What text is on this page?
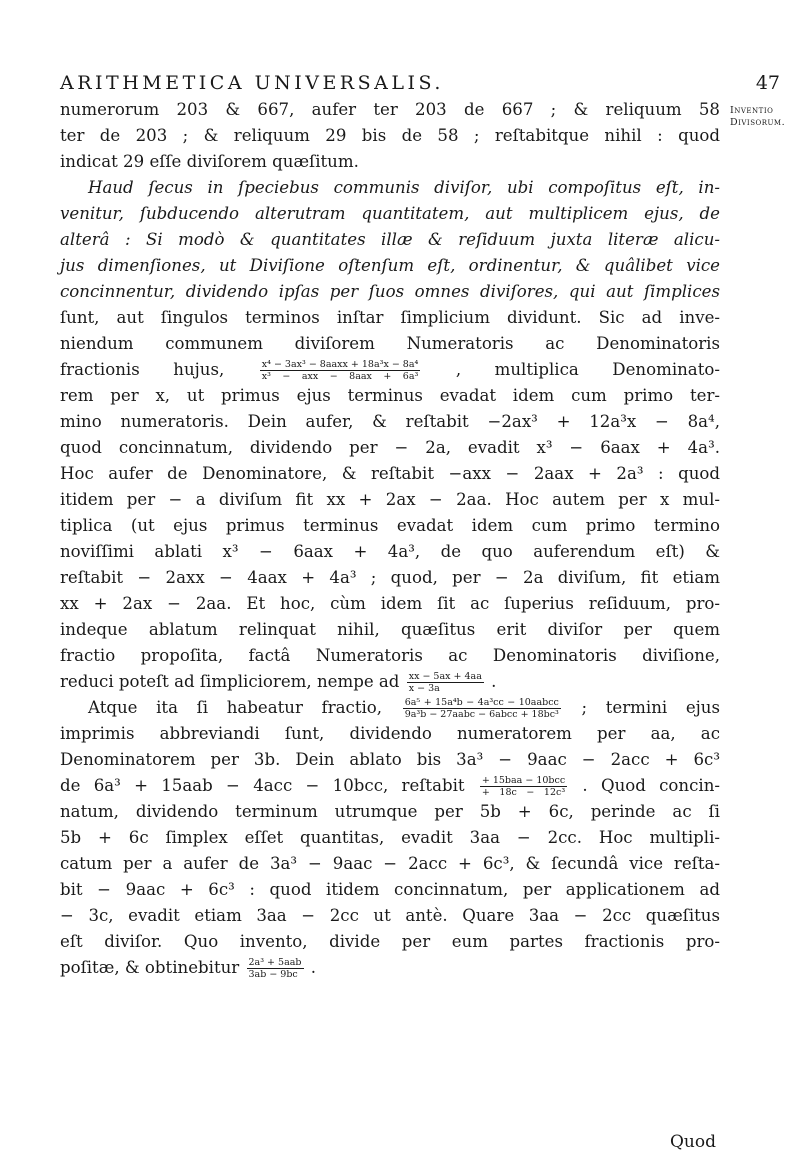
ARITHMETICA UNIVERSALIS.	47
Inventio
Divisorum.
numerorum 203 & 667, aufer ter 203 de 667 ; & reliquum 58
ter de 203 ; & reliquum 29 bis de 58 ; reſtabitque nihil : quod
indicat 29 eſſe diviſorem quæſitum.
Haud ſecus in ſpeciebus communis diviſor, ubi compoſitus eſt, in-
venitur, ſubducendo alterutram quantitatem, aut multiplicem ejus, de
alterâ : Si modò & quantitates illæ & reſiduum juxta literæ alicu-
jus dimenſiones, ut Diviſione oſtenſum eſt, ordinentur, & quâlibet vice
concinnentur, dividendo ipſas per ſuos omnes diviſores, qui aut ſimplices
ſunt, aut ſingulos terminos inſtar ſimplicium dividunt. Sic ad inve-
niendum communem diviſorem Numeratoris ac Denominatoris
fractionis hujus,	$\frac{\text{x⁴ − 3ax³ − 8aaxx + 18a³x − 8a⁴}}{\text{x³ − axx − 8aax + 6a³}}$ , multiplica Denominato-
rem per x, ut primus ejus terminus evadat idem cum primo ter-
mino numeratoris. Dein aufer, & reſtabit −2ax³ + 12a³x − 8a⁴,
quod concinnatum, dividendo per − 2a, evadit x³ − 6aax + 4a³.
Hoc aufer de Denominatore, & reſtabit −axx − 2aax + 2a³ : quod
itidem per − a diviſum fit xx + 2ax − 2aa. Hoc autem per x mul-
tiplica (ut ejus primus terminus evadat idem cum primo termino
noviſſimi ablati x³ − 6aax + 4a³, de quo auferendum eſt) &
reſtabit − 2axx − 4aax + 4a³ ; quod, per − 2a diviſum, fit etiam
xx + 2ax − 2aa. Et hoc, cùm idem ſit ac ſuperius reſiduum, pro-
indeque ablatum relinquat nihil, quæſitus erit diviſor per quem
fractio propoſita, factâ Numeratoris ac Denominatoris diviſione,
reduci poteſt ad ſimpliciorem, nempe ad $\frac{xx - 5ax + 4aa}{x - 3a}$ .
Atque ita ſi habeatur fractio, $\frac{\text{6a⁵ + 15a⁴b − 4a³cc − 10aabcc}}{\text{9a³b − 27aabc − 6abcc + 18bc³}}$ ; termini ejus
imprimis abbreviandi ſunt, dividendo numeratorem per aa, ac
Denominatorem per 3b. Dein ablato bis 3a³ − 9aac − 2acc + 6c³
de 6a³ + 15aab − 4acc − 10bcc, reſtabit $\frac{\text{+ 15baa − 10bcc}}{\text{+ 18c − 12c³}}$ . Quod concin-
natum, dividendo terminum utrumque per 5b + 6c, perinde ac ſi
5b + 6c ſimplex eſſet quantitas, evadit 3aa − 2cc. Hoc multipli-
catum per a aufer de 3a³ − 9aac − 2acc + 6c³, & ſecundâ vice reſta-
bit − 9aac + 6c³ : quod itidem concinnatum, per applicationem ad
− 3c, evadit etiam 3aa − 2cc ut antè. Quare 3aa − 2cc quæſitus
eſt diviſor. Quo invento, divide per eum partes fractionis pro-
poſitæ, & obtinebitur $\frac{\text{2a³ + 5aab}}{3ab - 9bc}$ .
Quod
